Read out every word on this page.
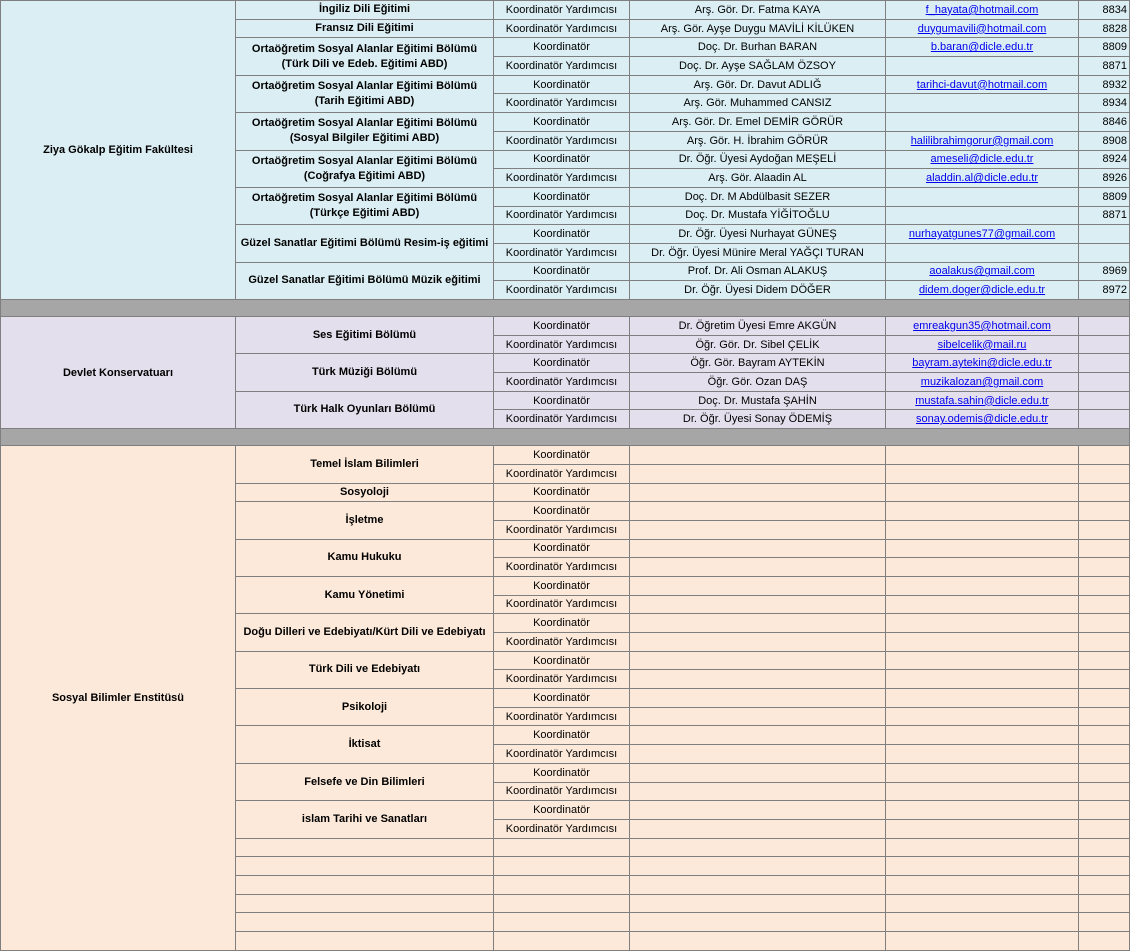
Ziya Gökalp Eğitim Fakültesi	İngiliz Dili Eğitimi	Koordinatör Yardımcısı	Arş. Gör. Dr. Fatma KAYA	f_hayata@hotmail.com	8834
	Fransız Dili Eğitimi	Koordinatör Yardımcısı	Arş. Gör. Ayşe Duygu MAVİLİ KİLÜKEN	duygumavili@hotmail.com	8828
	Ortaöğretim Sosyal Alanlar Eğitimi Bölümü (Türk Dili ve Edeb. Eğitimi ABD)	Koordinatör	Doç. Dr. Burhan BARAN	b.baran@dicle.edu.tr	8809
		Koordinatör Yardımcısı	Doç. Dr. Ayşe SAĞLAM ÖZSOY		8871
	Ortaöğretim Sosyal Alanlar Eğitimi Bölümü (Tarih Eğitimi ABD)	Koordinatör	Arş. Gör. Dr. Davut ADLIĞ	tarihci-davut@hotmail.com	8932
		Koordinatör Yardımcısı	Arş. Gör. Muhammed CANSIZ		8934
	Ortaöğretim Sosyal Alanlar Eğitimi Bölümü (Sosyal Bilgiler Eğitimi ABD)	Koordinatör	Arş. Gör. Dr. Emel DEMİR GÖRÜR		8846
		Koordinatör Yardımcısı	Arş. Gör. H. İbrahim GÖRÜR	halilibrahimgorur@gmail.com	8908
	Ortaöğretim Sosyal Alanlar Eğitimi Bölümü (Coğrafya Eğitimi ABD)	Koordinatör	Dr. Öğr. Üyesi Aydoğan MEŞELİ	ameseli@dicle.edu.tr	8924
		Koordinatör Yardımcısı	Arş. Gör. Alaadin AL	aladdin.al@dicle.edu.tr	8926
	Ortaöğretim Sosyal Alanlar Eğitimi Bölümü (Türkçe Eğitimi ABD)	Koordinatör	Doç. Dr. M Abdülbasit SEZER		8809
		Koordinatör Yardımcısı	Doç. Dr. Mustafa YİĞİTOĞLU		8871
	Güzel Sanatlar Eğitimi Bölümü Resim-iş eğitimi	Koordinatör	Dr. Öğr. Üyesi Nurhayat GÜNEŞ	nurhayatgunes77@gmail.com	
		Koordinatör Yardımcısı	Dr. Öğr. Üyesi Münire Meral YAĞÇI TURAN		
	Güzel Sanatlar Eğitimi Bölümü Müzik eğitimi	Koordinatör	Prof. Dr. Ali Osman ALAKUŞ	aoalakus@gmail.com	8969
		Koordinatör Yardımcısı	Dr. Öğr. Üyesi Didem DÖĞER	didem.doger@dicle.edu.tr	8972

Devlet Konservatuarı	Ses Eğitimi Bölümü	Koordinatör	Dr. Öğretim Üyesi Emre AKGÜN	emreakgun35@hotmail.com	
		Koordinatör Yardımcısı	Öğr. Gör. Dr. Sibel ÇELİK	sibelcelik@mail.ru	
	Türk Müziği Bölümü	Koordinatör	Öğr. Gör. Bayram AYTEKİN	bayram.aytekin@dicle.edu.tr	
		Koordinatör Yardımcısı	Öğr. Gör. Ozan DAŞ	muzikalozan@gmail.com	
	Türk Halk Oyunları Bölümü	Koordinatör	Doç. Dr. Mustafa ŞAHİN	mustafa.sahin@dicle.edu.tr	
		Koordinatör Yardımcısı	Dr. Öğr. Üyesi Sonay ÖDEMİŞ	sonay.odemis@dicle.edu.tr	

Sosyal Bilimler Enstitüsü	Temel İslam Bilimleri	Koordinatör			
		Koordinatör Yardımcısı			
	Sosyoloji	Koordinatör			
	İşletme	Koordinatör			
		Koordinatör Yardımcısı			
	Kamu Hukuku	Koordinatör			
		Koordinatör Yardımcısı			
	Kamu Yönetimi	Koordinatör			
		Koordinatör Yardımcısı			
	Doğu Dilleri ve Edebiyatı/Kürt Dili ve Edebiyatı	Koordinatör			
		Koordinatör Yardımcısı			
	Türk Dili ve Edebiyatı	Koordinatör			
		Koordinatör Yardımcısı			
	Psikoloji	Koordinatör			
		Koordinatör Yardımcısı			
	İktisat	Koordinatör			
		Koordinatör Yardımcısı			
	Felsefe ve Din Bilimleri	Koordinatör			
		Koordinatör Yardımcısı			
	islam Tarihi ve Sanatları	Koordinatör			
		Koordinatör Yardımcısı			
